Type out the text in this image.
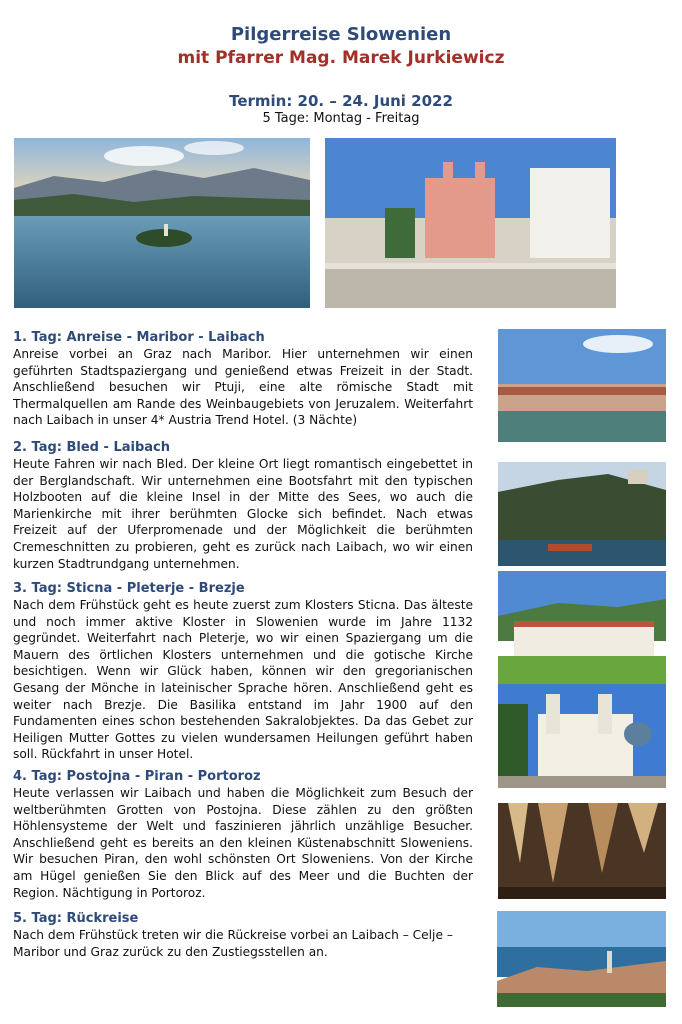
Pilgerreise Slowenien
mit Pfarrer Mag. Marek Jurkiewicz
Termin: 20. – 24. Juni 2022
5 Tage: Montag - Freitag
1. Tag: Anreise - Maribor - Laibach

Anreise vorbei an Graz nach Maribor. Hier unternehmen wir einen geführten Stadtspaziergang und genießend etwas Freizeit in der Stadt. Anschließend besuchen wir Ptuji, eine alte römische Stadt mit Thermalquellen am Rande des Weinbaugebiets von Jeruzalem. Weiterfahrt nach Laibach in unser 4* Austria Trend Hotel. (3 Nächte)

2. Tag: Bled - Laibach

Heute Fahren wir nach Bled. Der kleine Ort liegt romantisch eingebettet in der Berglandschaft. Wir unternehmen eine Bootsfahrt mit den typischen Holzbooten auf die kleine Insel in der Mitte des Sees, wo auch die Marienkirche mit ihrer berühmten Glocke sich befindet. Nach etwas Freizeit auf der Uferpromenade und der Möglichkeit die berühmten Cremeschnitten zu probieren, geht es zurück nach Laibach, wo wir einen kurzen Stadtrundgang unternehmen.

3. Tag: Sticna - Pleterje - Brezje

Nach dem Frühstück geht es heute zuerst zum Klosters Sticna. Das älteste und noch immer aktive Kloster in Slowenien wurde im Jahre 1132 gegründet. Weiterfahrt nach Pleterje, wo wir einen Spaziergang um die Mauern des örtlichen Klosters unternehmen und die gotische Kirche besichtigen. Wenn wir Glück haben, können wir den gregorianischen Gesang der Mönche in lateinischer Sprache hören. Anschließend geht es weiter nach Brezje. Die Basilika entstand im Jahr 1900 auf den Fundamenten eines schon bestehenden Sakralobjektes. Da das Gebet zur Heiligen Mutter Gottes zu vielen wundersamen Heilungen geführt haben soll. Rückfahrt in unser Hotel.

4. Tag: Postojna - Piran - Portoroz

Heute verlassen wir Laibach und haben die Möglichkeit zum Besuch der weltberühmten Grotten von Postojna. Diese zählen zu den größten Höhlensysteme der Welt und faszinieren jährlich unzählige Besucher. Anschließend geht es bereits an den kleinen Küstenabschnitt Sloweniens. Wir besuchen Piran, den wohl schönsten Ort Sloweniens. Von der Kirche am Hügel genießen Sie den Blick auf des Meer und die Buchten der Region. Nächtigung in Portoroz.

5. Tag: Rückreise

Nach dem Frühstück treten wir die Rückreise vorbei an Laibach – Celje – Maribor und Graz zurück zu den Zustiegsstellen an.
